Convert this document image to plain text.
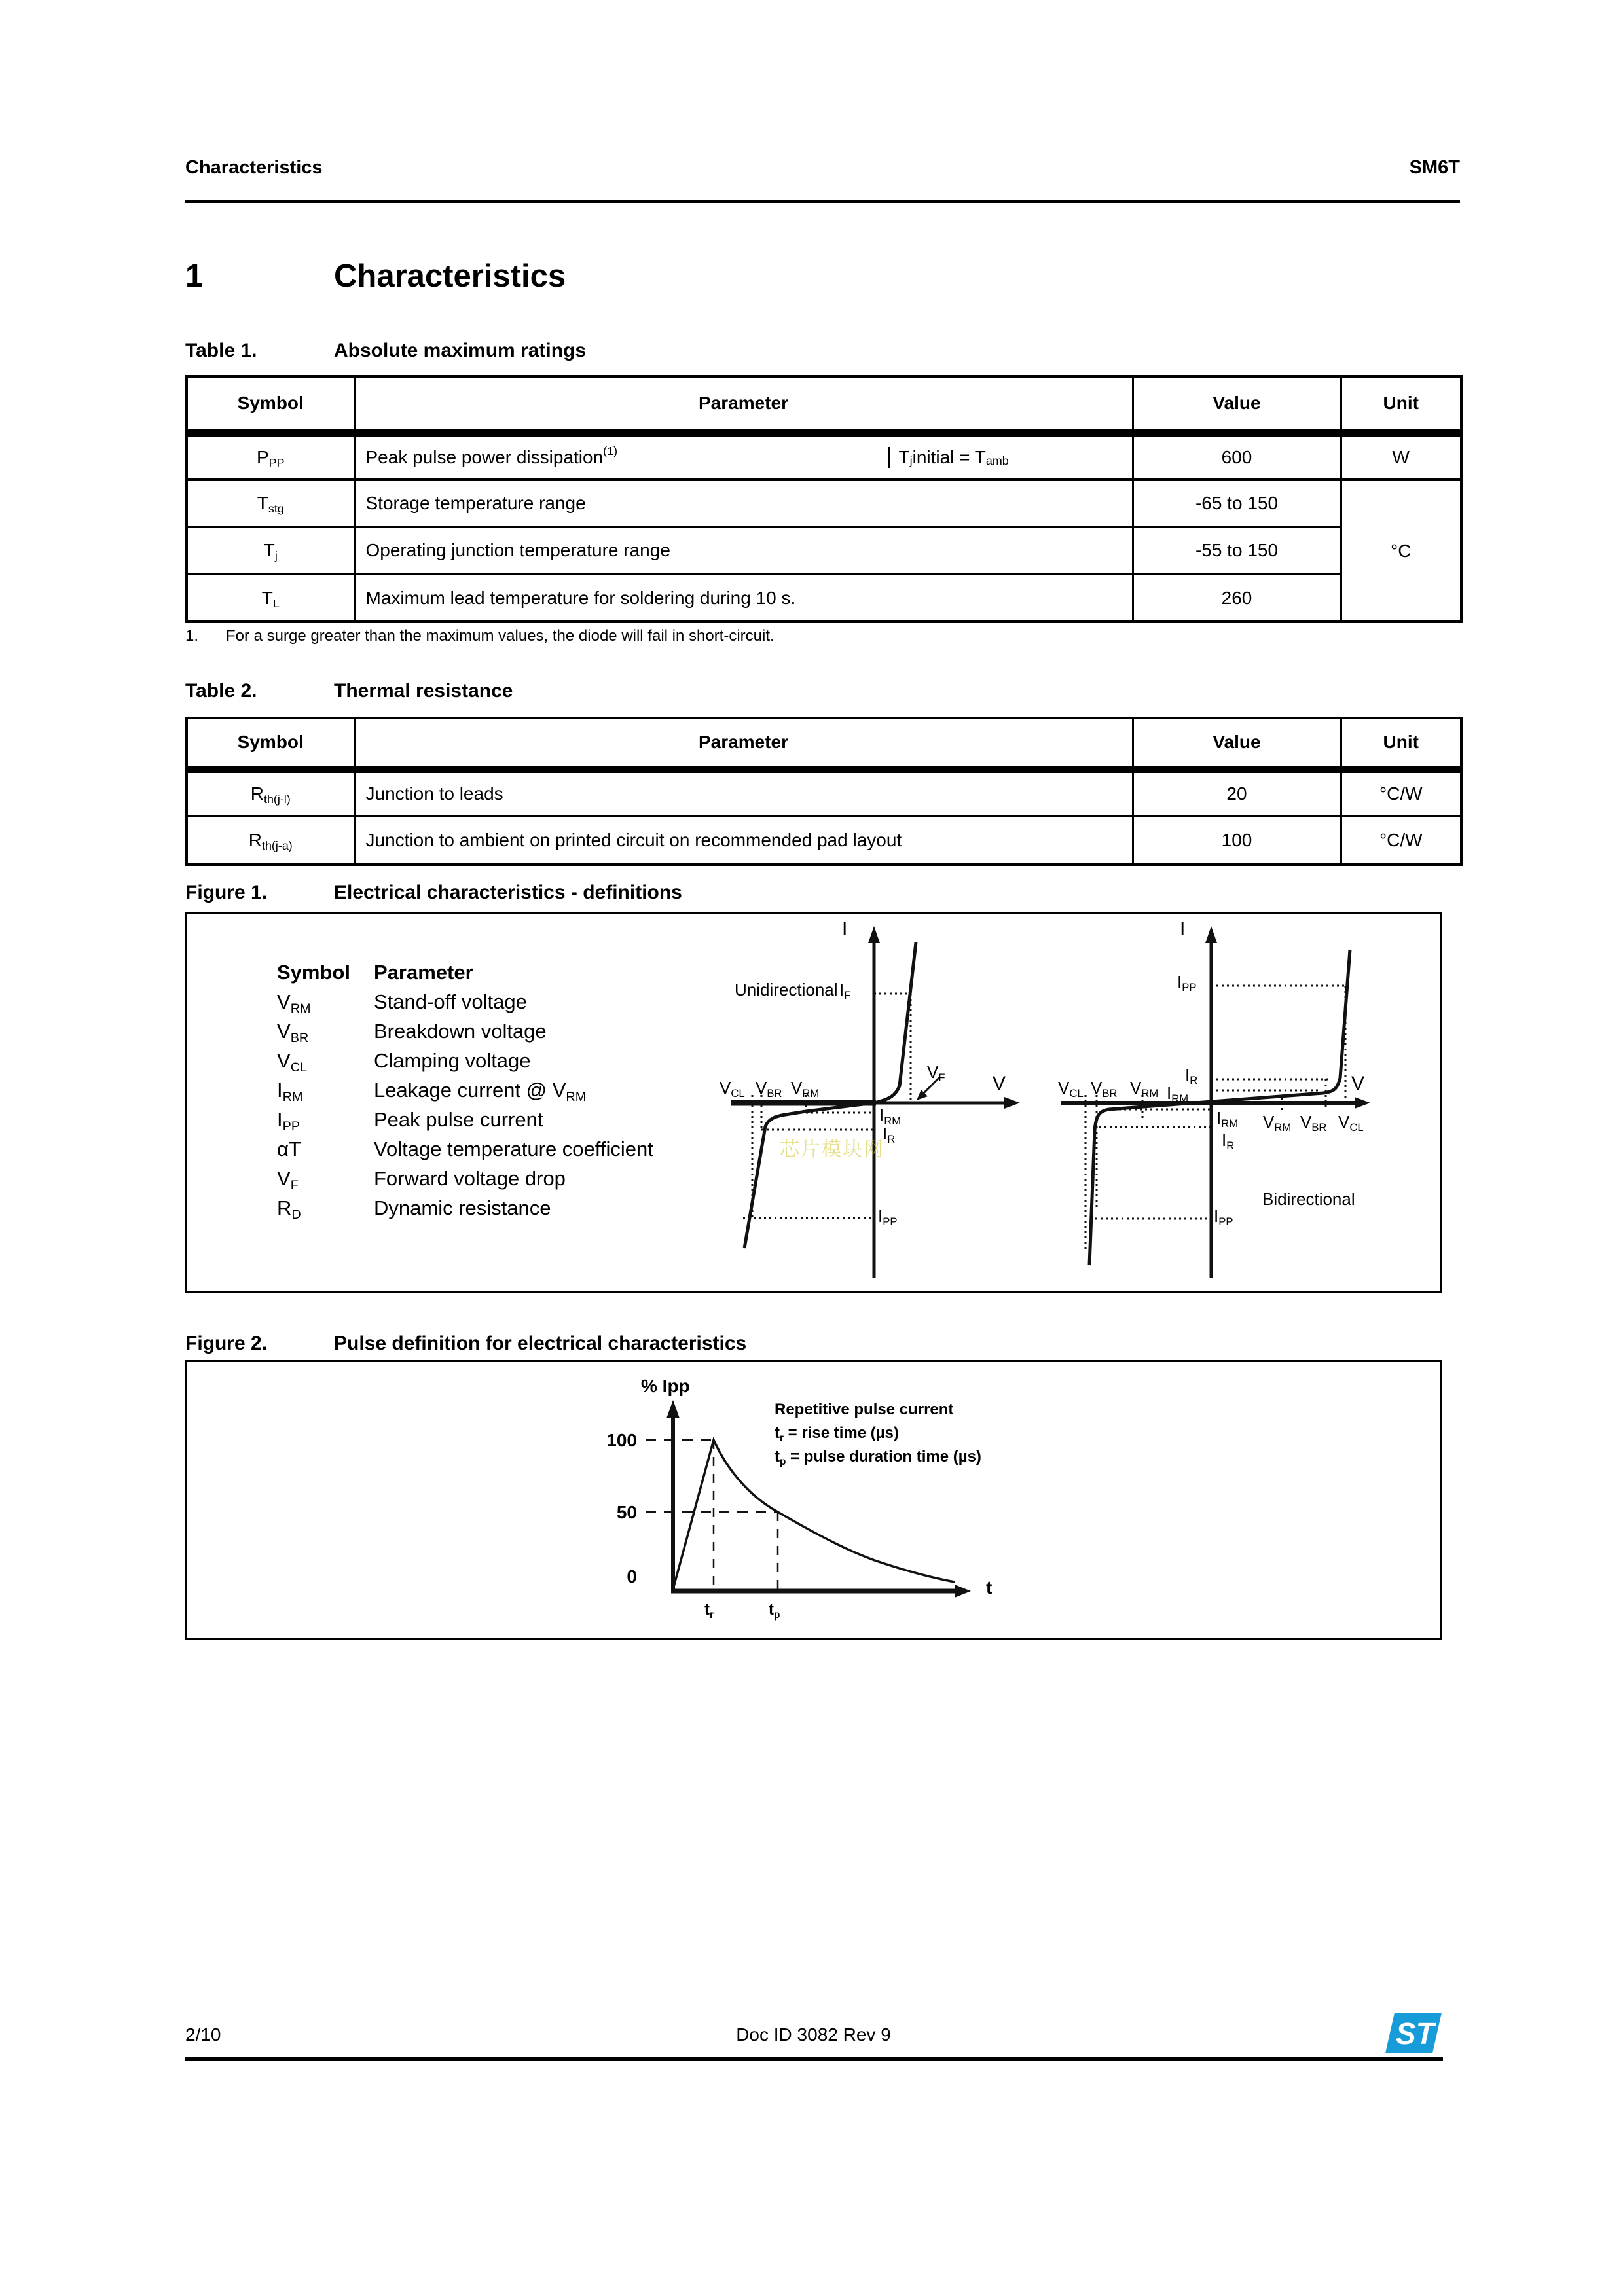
Characteristics	SM6T
1	Characteristics
Table 1.	Absolute maximum ratings
Symbol	Parameter	Value	Unit
$P_{PP}$	Peak pulse power dissipation$^{(1)}$	$T_j$ initial = $T_{amb}$	600	W
$T_{stg}$	Storage temperature range	-65 to 150	°C
$T_j$	Operating junction temperature range	-55 to 150	
$T_L$	Maximum lead temperature for soldering during 10 s.	260	
1. For a surge greater than the maximum values, the diode will fail in short-circuit.
Table 2.	Thermal resistance
Symbol	Parameter	Value	Unit
$R_{th(j-l)}$	Junction to leads	20	°C/W
$R_{th(j-a)}$	Junction to ambient on printed circuit on recommended pad layout	100	°C/W
Figure 1.	Electrical characteristics - definitions
Symbol	Parameter
$V_{RM}$	Stand-off voltage
$V_{BR}$	Breakdown voltage
$V_{CL}$	Clamping voltage
$I_{RM}$	Leakage current @ $V_{RM}$
$I_{PP}$	Peak pulse current
αT	Voltage temperature coefficient
$V_F$	Forward voltage drop
$R_D$	Dynamic resistance
I
Unidirectional $I_F$
V
$V_F$
$V_{CL}$ $V_{BR}$ $V_{RM}$
$I_{RM}$
$I_R$
$I_{PP}$
芯片模块网
I
$I_{PP}$
$I_R$
$I_{RM}$
V
$V_{CL}$ $V_{BR}$ $V_{RM}$
$V_{RM}$ $V_{BR}$ $V_{CL}$
$I_{RM}$
$I_R$
$I_{PP}$
Bidirectional
Figure 2.	Pulse definition for electrical characteristics
% Ipp
Repetitive pulse current
$t_r$ = rise time (µs)
$t_p$ = pulse duration time (µs)
100
50
0
t
$t_r$	$t_p$
2/10	Doc ID 3082 Rev 9	ST
